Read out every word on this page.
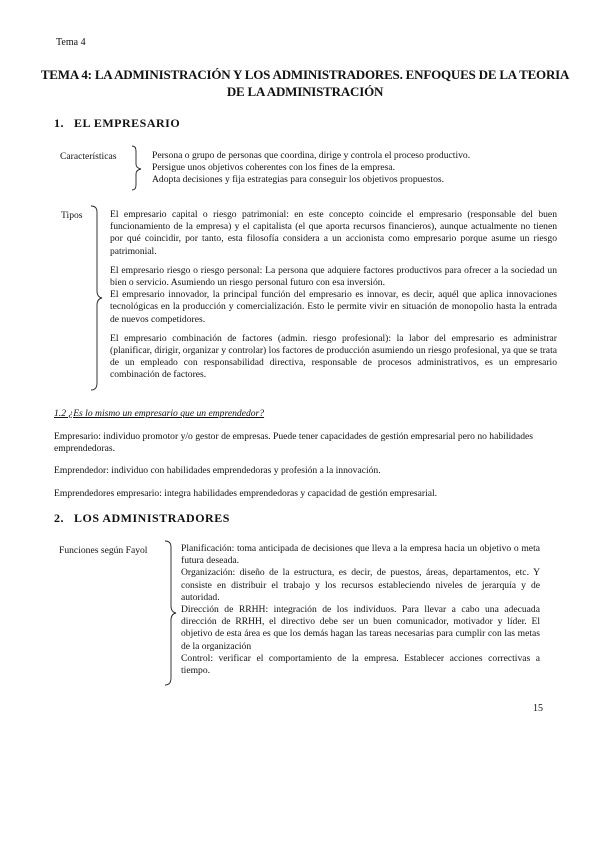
Tema 4
TEMA 4: LA ADMINISTRACIÓN Y LOS ADMINISTRADORES. ENFOQUES DE LA TEORIA DE LA ADMINISTRACIÓN
1. EL EMPRESARIO
Características	Persona o grupo de personas que coordina, dirige y controla el proceso productivo.

Persigue unos objetivos coherentes con los fines de la empresa.

Adopta decisiones y fija estrategias para conseguir los objetivos propuestos.

Tipos	El empresario capital o riesgo patrimonial: en este concepto coincide el empresario (responsable del buen funcionamiento de la empresa) y el capitalista (el que aporta recursos financieros), aunque actualmente no tienen por qué coincidir, por tanto, esta filosofía considera a un accionista como empresario porque asume un riesgo patrimonial.

El empresario riesgo o riesgo personal: La persona que adquiere factores productivos para ofrecer a la sociedad un bien o servicio. Asumiendo un riesgo personal futuro con esa inversión.

El empresario innovador, la principal función del empresario es innovar, es decir, aquél que aplica innovaciones tecnológicas en la producción y comercialización. Esto le permite vivir en situación de monopolio hasta la entrada de nuevos competidores.

El empresario combinación de factores (admin. riesgo profesional): la labor del empresario es administrar (planificar, dirigir, organizar y controlar) los factores de producción asumiendo un riesgo profesional, ya que se trata de un empleado con responsabilidad directiva, responsable de procesos administrativos, es un empresario combinación de factores.

1.2 ¿Es lo mismo un empresario que un emprendedor?

Empresario: individuo promotor y/o gestor de empresas. Puede tener capacidades de gestión empresarial pero no habilidades emprendedoras.

Emprendedor: individuo con habilidades emprendedoras y profesión a la innovación.

Emprendedores empresario: integra habilidades emprendedoras y capacidad de gestión empresarial.

2. LOS ADMINISTRADORES
Funciones según Fayol	Planificación: toma anticipada de decisiones que lleva a la empresa hacia un objetivo o meta futura deseada.

Organización: diseño de la estructura, es decir, de puestos, áreas, departamentos, etc. Y consiste en distribuir el trabajo y los recursos estableciendo niveles de jerarquía y de autoridad.

Dirección de RRHH: integración de los individuos. Para llevar a cabo una adecuada dirección de RRHH, el directivo debe ser un buen comunicador, motivador y líder. El objetivo de esta área es que los demás hagan las tareas necesarias para cumplir con las metas de la organización

Control: verificar el comportamiento de la empresa. Establecer acciones correctivas a tiempo.

15
